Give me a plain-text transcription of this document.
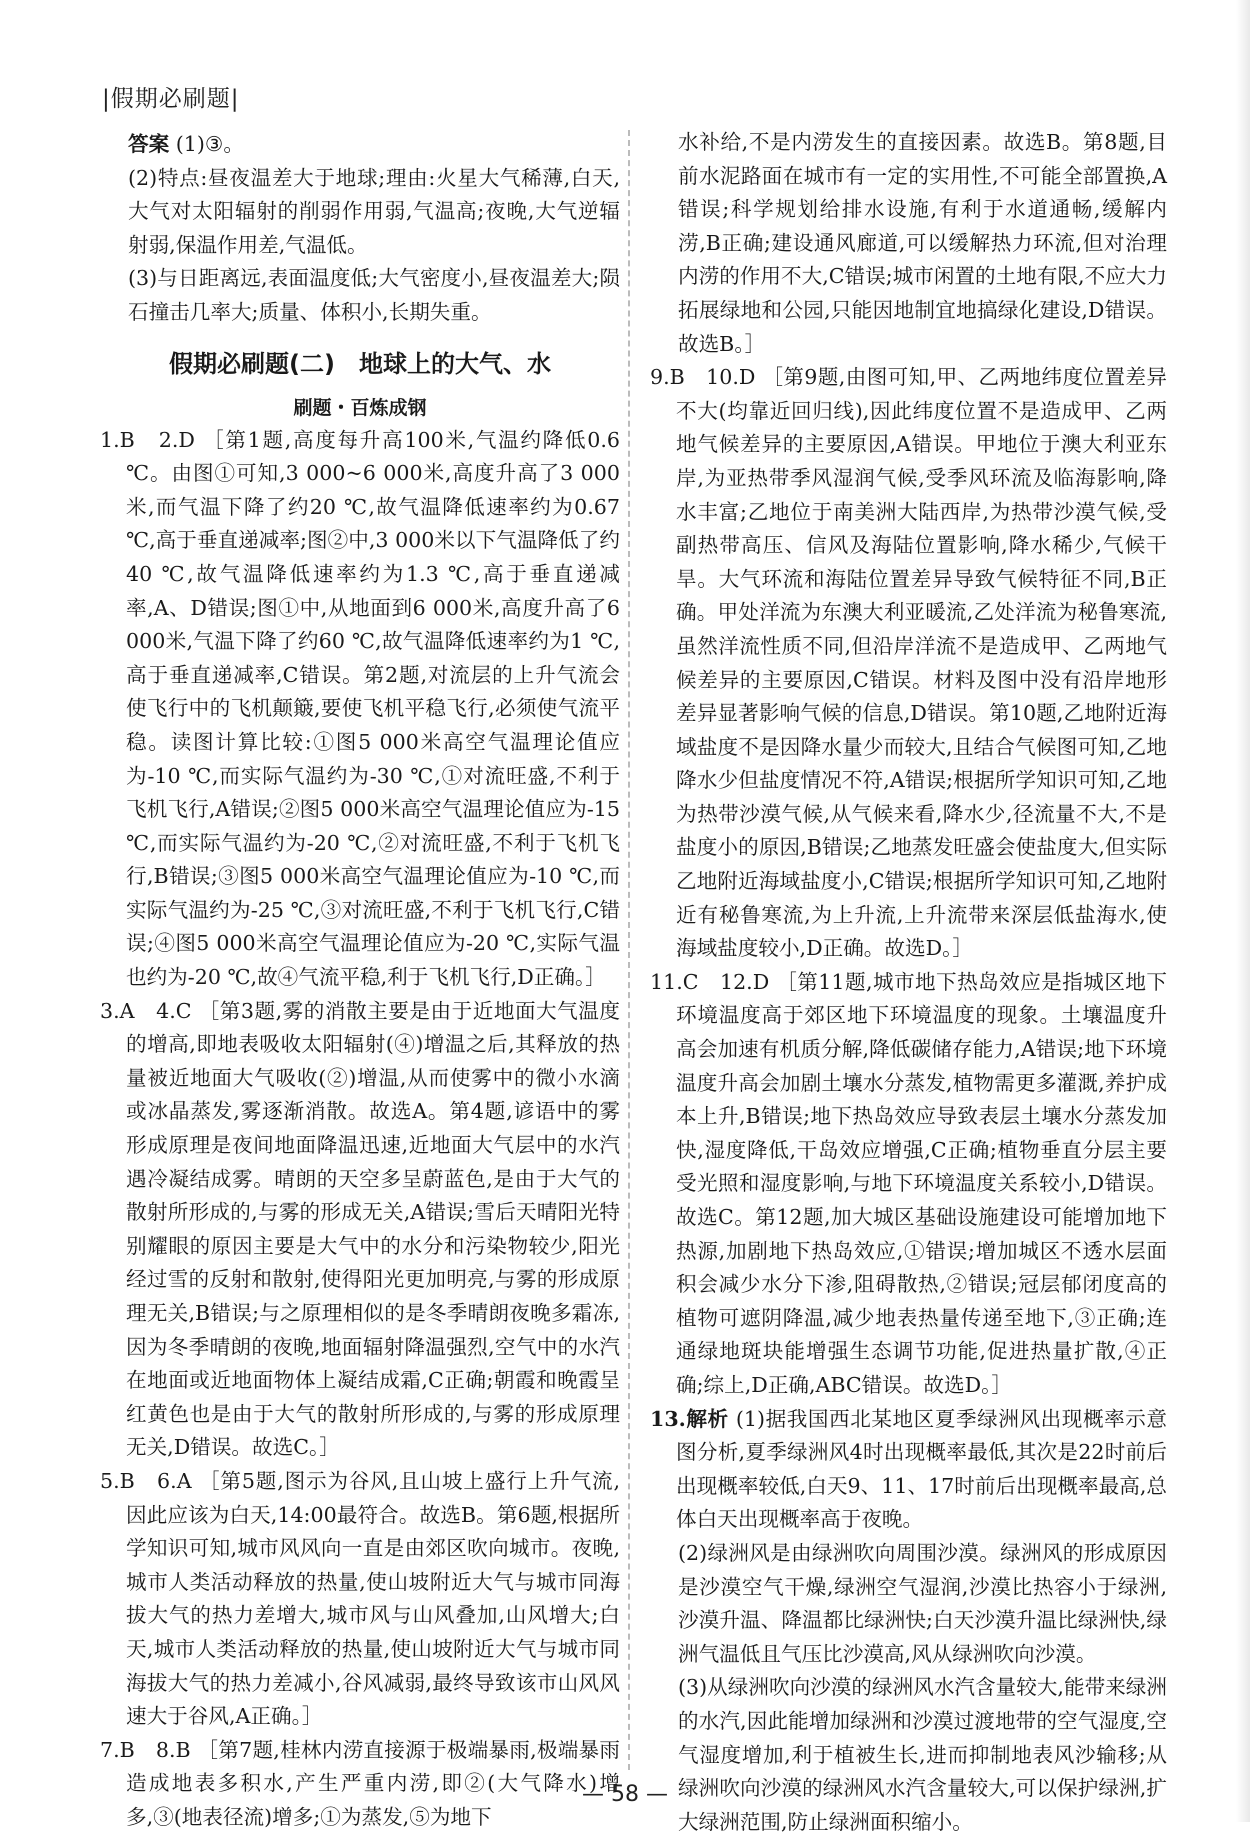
|假期必刷题|

答案 (1)③。

(2)特点:昼夜温差大于地球;理由:火星大气稀薄,白天,大气对太阳辐射的削弱作用弱,气温高;夜晚,大气逆辐射弱,保温作用差,气温低。

(3)与日距离远,表面温度低;大气密度小,昼夜温差大;陨石撞击几率大;质量、体积小,长期失重。

假期必刷题(二)　地球上的大气、水
刷题・百炼成钢

1.B　2.D ［第1题,高度每升高100米,气温约降低0.6 ℃。由图①可知,3 000~6 000米,高度升高了3 000米,而气温下降了约20 ℃,故气温降低速率约为0.67 ℃,高于垂直递减率;图②中,3 000米以下气温降低了约40 ℃,故气温降低速率约为1.3 ℃,高于垂直递减率,A、D错误;图①中,从地面到6 000米,高度升高了6 000米,气温下降了约60 ℃,故气温降低速率约为1 ℃,高于垂直递减率,C错误。第2题,对流层的上升气流会使飞行中的飞机颠簸,要使飞机平稳飞行,必须使气流平稳。读图计算比较:①图5 000米高空气温理论值应为-10 ℃,而实际气温约为-30 ℃,①对流旺盛,不利于飞机飞行,A错误;②图5 000米高空气温理论值应为-15 ℃,而实际气温约为-20 ℃,②对流旺盛,不利于飞机飞行,B错误;③图5 000米高空气温理论值应为-10 ℃,而实际气温约为-25 ℃,③对流旺盛,不利于飞机飞行,C错误;④图5 000米高空气温理论值应为-20 ℃,实际气温也约为-20 ℃,故④气流平稳,利于飞机飞行,D正确。］

3.A　4.C ［第3题,雾的消散主要是由于近地面大气温度的增高,即地表吸收太阳辐射(④)增温之后,其释放的热量被近地面大气吸收(②)增温,从而使雾中的微小水滴或冰晶蒸发,雾逐渐消散。故选A。第4题,谚语中的雾形成原理是夜间地面降温迅速,近地面大气层中的水汽遇冷凝结成雾。晴朗的天空多呈蔚蓝色,是由于大气的散射所形成的,与雾的形成无关,A错误;雪后天晴阳光特别耀眼的原因主要是大气中的水分和污染物较少,阳光经过雪的反射和散射,使得阳光更加明亮,与雾的形成原理无关,B错误;与之原理相似的是冬季晴朗夜晚多霜冻,因为冬季晴朗的夜晚,地面辐射降温强烈,空气中的水汽在地面或近地面物体上凝结成霜,C正确;朝霞和晚霞呈红黄色也是由于大气的散射所形成的,与雾的形成原理无关,D错误。故选C。］

5.B　6.A ［第5题,图示为谷风,且山坡上盛行上升气流,因此应该为白天,14:00最符合。故选B。第6题,根据所学知识可知,城市风风向一直是由郊区吹向城市。夜晚,城市人类活动释放的热量,使山坡附近大气与城市同海拔大气的热力差增大,城市风与山风叠加,山风增大;白天,城市人类活动释放的热量,使山坡附近大气与城市同海拔大气的热力差减小,谷风减弱,最终导致该市山风风速大于谷风,A正确。］

7.B　8.B ［第7题,桂林内涝直接源于极端暴雨,极端暴雨造成地表多积水,产生严重内涝,即②(大气降水)增多,③(地表径流)增多;①为蒸发,⑤为地下

水补给,不是内涝发生的直接因素。故选B。第8题,目前水泥路面在城市有一定的实用性,不可能全部置换,A错误;科学规划给排水设施,有利于水道通畅,缓解内涝,B正确;建设通风廊道,可以缓解热力环流,但对治理内涝的作用不大,C错误;城市闲置的土地有限,不应大力拓展绿地和公园,只能因地制宜地搞绿化建设,D错误。故选B。］

9.B　10.D ［第9题,由图可知,甲、乙两地纬度位置差异不大(均靠近回归线),因此纬度位置不是造成甲、乙两地气候差异的主要原因,A错误。甲地位于澳大利亚东岸,为亚热带季风湿润气候,受季风环流及临海影响,降水丰富;乙地位于南美洲大陆西岸,为热带沙漠气候,受副热带高压、信风及海陆位置影响,降水稀少,气候干旱。大气环流和海陆位置差异导致气候特征不同,B正确。甲处洋流为东澳大利亚暖流,乙处洋流为秘鲁寒流,虽然洋流性质不同,但沿岸洋流不是造成甲、乙两地气候差异的主要原因,C错误。材料及图中没有沿岸地形差异显著影响气候的信息,D错误。第10题,乙地附近海域盐度不是因降水量少而较大,且结合气候图可知,乙地降水少但盐度情况不符,A错误;根据所学知识可知,乙地为热带沙漠气候,从气候来看,降水少,径流量不大,不是盐度小的原因,B错误;乙地蒸发旺盛会使盐度大,但实际乙地附近海域盐度小,C错误;根据所学知识可知,乙地附近有秘鲁寒流,为上升流,上升流带来深层低盐海水,使海域盐度较小,D正确。故选D。］

11.C　12.D ［第11题,城市地下热岛效应是指城区地下环境温度高于郊区地下环境温度的现象。土壤温度升高会加速有机质分解,降低碳储存能力,A错误;地下环境温度升高会加剧土壤水分蒸发,植物需更多灌溉,养护成本上升,B错误;地下热岛效应导致表层土壤水分蒸发加快,湿度降低,干岛效应增强,C正确;植物垂直分层主要受光照和湿度影响,与地下环境温度关系较小,D错误。故选C。第12题,加大城区基础设施建设可能增加地下热源,加剧地下热岛效应,①错误;增加城区不透水层面积会减少水分下渗,阻碍散热,②错误;冠层郁闭度高的植物可遮阴降温,减少地表热量传递至地下,③正确;连通绿地斑块能增强生态调节功能,促进热量扩散,④正确;综上,D正确,ABC错误。故选D。］

13.解析 (1)据我国西北某地区夏季绿洲风出现概率示意图分析,夏季绿洲风4时出现概率最低,其次是22时前后出现概率较低,白天9、11、17时前后出现概率最高,总体白天出现概率高于夜晚。

(2)绿洲风是由绿洲吹向周围沙漠。绿洲风的形成原因是沙漠空气干燥,绿洲空气湿润,沙漠比热容小于绿洲,沙漠升温、降温都比绿洲快;白天沙漠升温比绿洲快,绿洲气温低且气压比沙漠高,风从绿洲吹向沙漠。

(3)从绿洲吹向沙漠的绿洲风水汽含量较大,能带来绿洲的水汽,因此能增加绿洲和沙漠过渡地带的空气湿度,空气湿度增加,利于植被生长,进而抑制地表风沙输移;从绿洲吹向沙漠的绿洲风水汽含量较大,可以保护绿洲,扩大绿洲范围,防止绿洲面积缩小。

— 58 —
